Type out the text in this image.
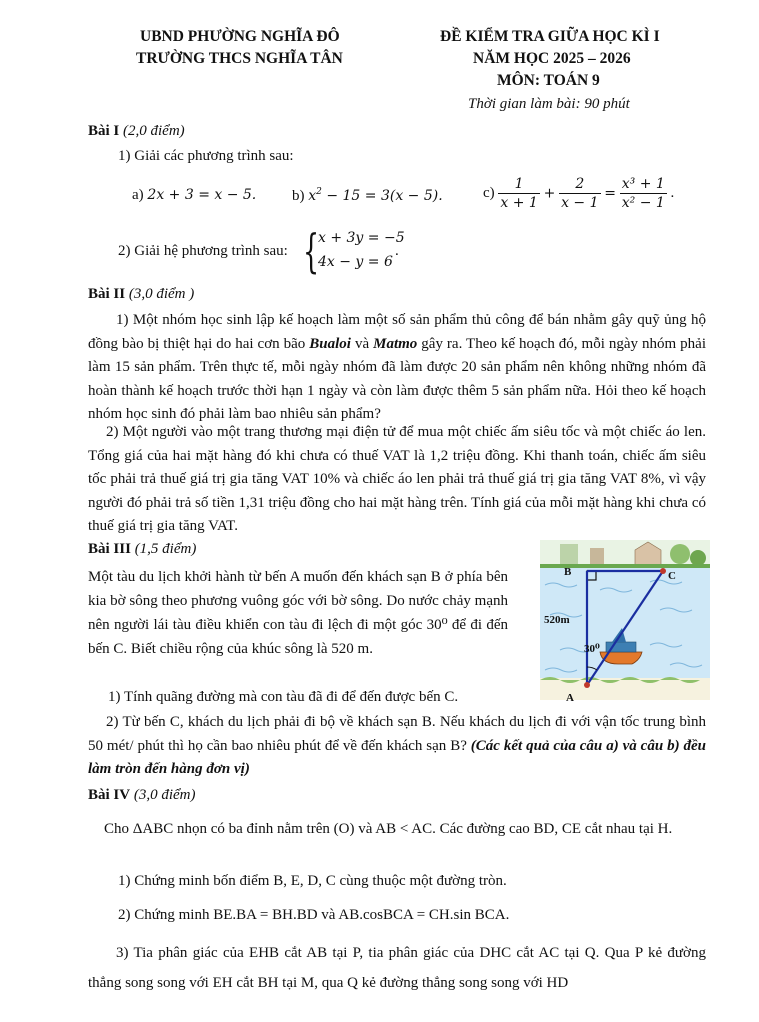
UBND PHƯỜNG NGHĨA ĐÔ
TRƯỜNG THCS NGHĨA TÂN
ĐỀ KIỂM TRA GIỮA HỌC KÌ I
NĂM HỌC 2025 – 2026
MÔN: TOÁN 9
Thời gian làm bài: 90 phút
Bài I (2,0 điểm)
1) Giải các phương trình sau:
a) 2x + 3 = x − 5. b) $x^2 - 15 = 3(x - 5)$.	$c) \frac{1}{x + 1} + \frac{2}{x - 1} = \frac{\text{x³ + 1}}{\text{x² − 1}}$ .
2) Giải hệ phương trình sau: {
x + 3y = −5
4x − y = 6
.
Bài II (3,0 điểm )
1) Một nhóm học sinh lập kế hoạch làm một số sản phẩm thủ công để bán nhằm gây quỹ ủng hộ đồng bào bị thiệt hại do hai cơn bão Bualoi và Matmo gây ra. Theo kế hoạch đó, mỗi ngày nhóm phải làm 15 sản phẩm. Trên thực tế, mỗi ngày nhóm đã làm được 20 sản phẩm nên không những nhóm đã hoàn thành kế hoạch trước thời hạn 1 ngày và còn làm được thêm 5 sản phẩm nữa. Hỏi theo kế hoạch nhóm học sinh đó phải làm bao nhiêu sản phẩm?
2) Một người vào một trang thương mại điện tử để mua một chiếc ấm siêu tốc và một chiếc áo len. Tổng giá của hai mặt hàng đó khi chưa có thuế VAT là 1,2 triệu đồng. Khi thanh toán, chiếc ấm siêu tốc phải trả thuế giá trị gia tăng VAT 10% và chiếc áo len phải trả thuế giá trị gia tăng VAT 8%, vì vậy người đó phải trả số tiền 1,31 triệu đồng cho hai mặt hàng trên. Tính giá của mỗi mặt hàng khi chưa có thuế giá trị gia tăng VAT.
Bài III (1,5 điểm)
Một tàu du lịch khởi hành từ bến A muốn đến khách sạn B ở phía bên kia bờ sông theo phương vuông góc với bờ sông. Do nước chảy mạnh nên người lái tàu điều khiển con tàu đi lệch đi một góc 30⁰ để đi đến bến C. Biết chiều rộng của khúc sông là 520 m.
B	C
520m
30⁰
A
1) Tính quãng đường mà con tàu đã đi để đến được bến C.
2) Từ bến C, khách du lịch phải đi bộ về khách sạn B. Nếu khách du lịch đi với vận tốc trung bình 50 mét/ phút thì họ cần bao nhiêu phút để về đến khách sạn B? (Các kết quả của câu a) và câu b) đều làm tròn đến hàng đơn vị)
Bài IV (3,0 điểm)
Cho ΔABC nhọn có ba đỉnh nằm trên (O) và AB < AC. Các đường cao BD, CE cắt nhau tại H.
1) Chứng minh bốn điểm B, E, D, C cùng thuộc một đường tròn.
2) Chứng minh BE.BA = BH.BD và AB.cosBCA = CH.sin BCA.
3) Tia phân giác của EHB cắt AB tại P, tia phân giác của DHC cắt AC tại Q. Qua P kẻ đường thẳng song song với EH cắt BH tại M, qua Q kẻ đường thẳng song song với HD
